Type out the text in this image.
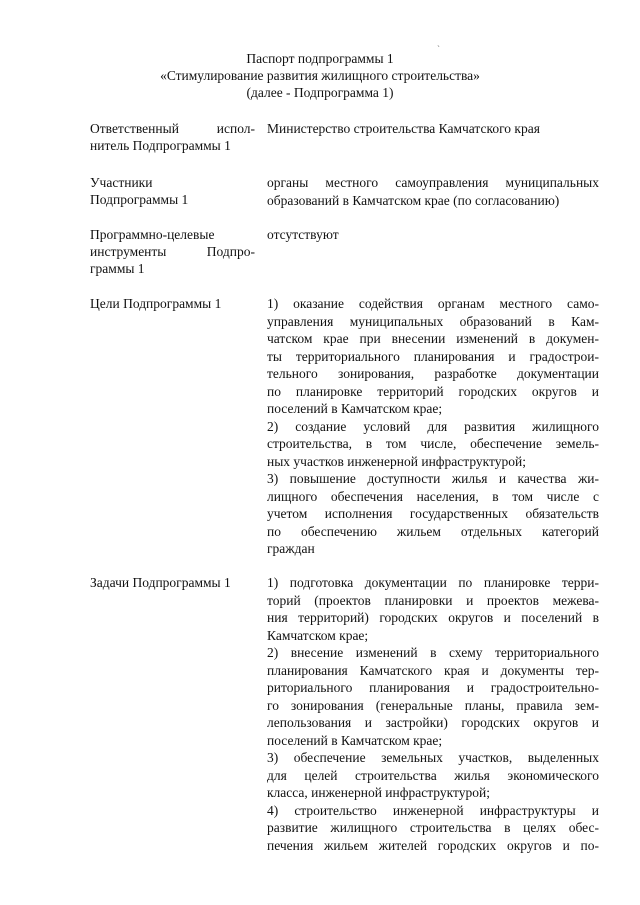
`
Паспорт подпрограммы 1
«Стимулирование развития жилищного строительства»
(далее - Подпрограмма 1)
Ответственный испол-
нитель Подпрограммы 1
Министерство строительства Камчатского края
Участники
Подпрограммы 1
органы местного самоуправления муниципальных
образований в Камчатском крае (по согласованию)
Программно-целевые
инструменты Подпро-
граммы 1
отсутствуют
Цели Подпрограммы 1	1) оказание содействия органам местного само-
управления муниципальных образований в Кам-
чатском крае при внесении изменений в докумен-
ты территориального планирования и градострои-
тельного зонирования, разработке документации
по планировке территорий городских округов и
поселений в Камчатском крае;
2) создание условий для развития жилищного
строительства, в том числе, обеспечение земель-
ных участков инженерной инфраструктурой;
3) повышение доступности жилья и качества жи-
лищного обеспечения населения, в том числе с
учетом исполнения государственных обязательств
по обеспечению жильем отдельных категорий
граждан
Задачи Подпрограммы 1	1) подготовка документации по планировке терри-
торий (проектов планировки и проектов межева-
ния территорий) городских округов и поселений в
Камчатском крае;
2) внесение изменений в схему территориального
планирования Камчатского края и документы тер-
риториального планирования и градостроительно-
го зонирования (генеральные планы, правила зем-
лепользования и застройки) городских округов и
поселений в Камчатском крае;
3) обеспечение земельных участков, выделенных
для целей строительства жилья экономического
класса, инженерной инфраструктурой;
4) строительство инженерной инфраструктуры и
развитие жилищного строительства в целях обес-
печения жильем жителей городских округов и по-
